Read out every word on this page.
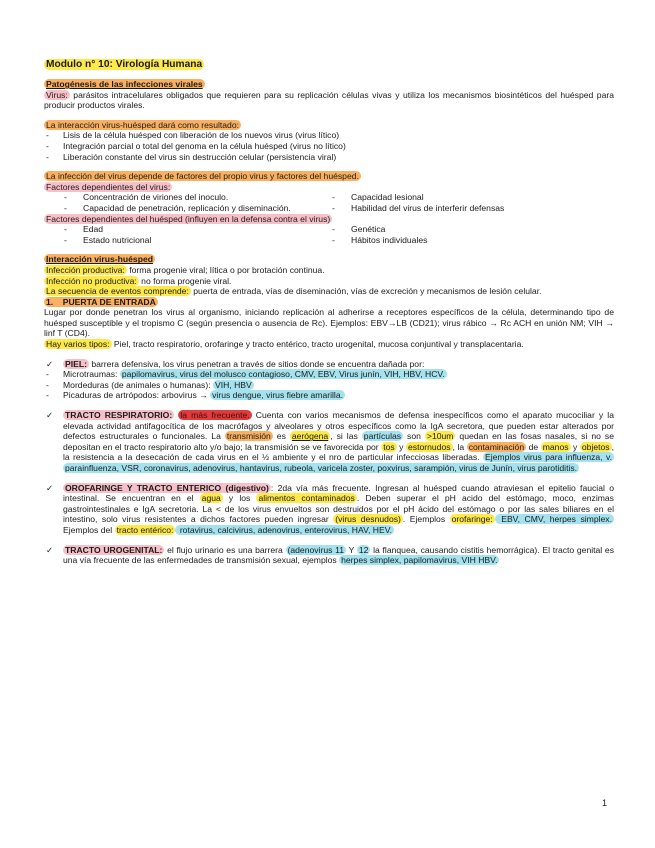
Modulo n° 10: Virología Humana
Patogénesis de las infecciones virales
Virus: parásitos intracelulares obligados que requieren para su replicación células vivas y utiliza los mecanismos biosintéticos del huésped para producir productos virales.
La interacción virus-huésped dará como resultado:
- Lisis de la célula huésped con liberación de los nuevos virus (virus lítico)
- Integración parcial o total del genoma en la célula huésped (virus no lítico)
- Liberación constante del virus sin destrucción celular (persistencia viral)
La infección del virus depende de factores del propio virus y factores del huésped.
Factores dependientes del virus:
- Concentración de viriones del inoculo.
- Capacidad de penetración, replicación y diseminación.
- Capacidad lesional
- Habilidad del virus de interferir defensas
Factores dependientes del huésped (influyen en la defensa contra el virus)
- Edad
- Estado nutricional
- Genética
- Hábitos individuales
Interacción virus-huésped
Infección productiva: forma progenie viral; lítica o por brotación continua.
Infección no productiva: no forma progenie viral.
La secuencia de eventos comprende: puerta de entrada, vías de diseminación, vías de excreción y mecanismos de lesión celular.
1. PUERTA DE ENTRADA
Lugar por donde penetran los virus al organismo, iniciando replicación al adherirse a receptores específicos de la célula, determinando tipo de huésped susceptible y el tropismo C (según presencia o ausencia de Rc). Ejemplos: EBV→LB (CD21); virus rábico → Rc ACH en unión NM; VIH → linf T (CD4).
Hay varios tipos: Piel, tracto respiratorio, orofaringe y tracto entérico, tracto urogenital, mucosa conjuntival y transplacentaria.
✓ PIEL: barrera defensiva, los virus penetran a través de sitios donde se encuentra dañada por:
- Microtraumas: papilomavirus, virus del molusco contagioso, CMV, EBV, Virus junín, VIH, HBV, HCV.
- Mordeduras (de animales o humanas): VIH, HBV
- Picaduras de artrópodos: arbovirus → virus dengue, virus fiebre amarilla.
✓ TRACTO RESPIRATORIO: la más frecuente. Cuenta con varios mecanismos de defensa inespecíficos como el aparato mucociliar y la elevada actividad antifagocítica de los macrófagos y alveolares y otros específicos como la IgA secretora, que pueden estar alterados por defectos estructurales o funcionales. La transmisión es aerógena , si las partículas son >10um quedan en las fosas nasales, si no se depositan en el tracto respiratorio alto y/o bajo; la transmisión se ve favorecida por tos y estornudos , la contaminación de manos y objetos , la resistencia a la desecación de cada virus en el ½ ambiente y el nro de particular infecciosas liberadas. Ejemplos virus para influenza, v. parainfluenza, VSR, coronavirus, adenovirus, hantavirus, rubeola, varicela zoster, poxvirus, sarampión, virus de Junín, virus parotiditis.
✓ OROFARINGE Y TRACTO ENTERICO (digestivo) : 2da vía más frecuente. Ingresan al huésped cuando atraviesan el epitelio faucial o intestinal. Se encuentran en el agua y los alimentos contaminados . Deben superar el pH acido del estómago, moco, enzimas gastrointestinales e IgA secretoria. La < de los virus envueltos son destruidos por el pH ácido del estómago o por las sales biliares en el intestino, solo virus resistentes a dichos factores pueden ingresar (virus desnudos) . Ejemplos orofaringe: EBV, CMV, herpes simplex. Ejemplos del tracto entérico: rotavirus, calcivirus, adenovirus, enterovirus, HAV, HEV.
✓ TRACTO UROGENITAL: el flujo urinario es una barrera (adenovirus 11 Y 12 la flanquea, causando cistitis hemorrágica). El tracto genital es una vía frecuente de las enfermedades de transmisión sexual, ejemplos herpes simplex, papilomavirus, VIH HBV.
1
